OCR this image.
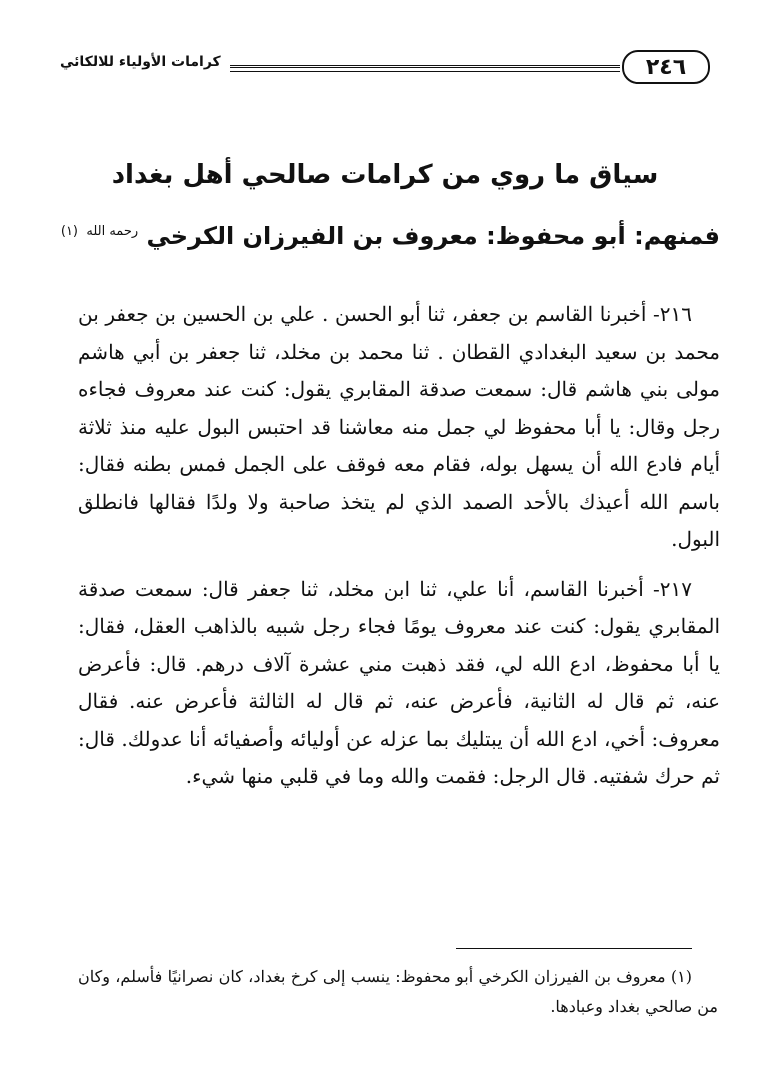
٢٤٦
كرامات الأولياء للالكائي
سياق ما روي من كرامات صالحي أهل بغداد
فمنهم: أبو محفوظ: معروف بن الفيرزان الكرخي $^{رحمه الله}$ $^{(١)}$

٢١٦- أخبرنا القاسم بن جعفر، ثنا أبو الحسن . علي بن الحسين بن جعفر بن محمد بن سعيد البغدادي القطان . ثنا محمد بن مخلد، ثنا جعفر بن أبي هاشم مولى بني هاشم قال: سمعت صدقة المقابري يقول: كنت عند معروف فجاءه رجل وقال: يا أبا محفوظ لي جمل منه معاشنا قد احتبس البول عليه منذ ثلاثة أيام فادع الله أن يسهل بوله، فقام معه فوقف على الجمل فمس بطنه فقال: باسم الله أعيذك بالأحد الصمد الذي لم يتخذ صاحبة ولا ولدًا فقالها فانطلق البول.

٢١٧- أخبرنا القاسم، أنا علي، ثنا ابن مخلد، ثنا جعفر قال: سمعت صدقة المقابري يقول: كنت عند معروف يومًا فجاء رجل شبيه بالذاهب العقل، فقال: يا أبا محفوظ، ادع الله لي، فقد ذهبت مني عشرة آلاف درهم. قال: فأعرض عنه، ثم قال له الثانية، فأعرض عنه، ثم قال له الثالثة فأعرض عنه. فقال معروف: أخي، ادع الله أن يبتليك بما عزله عن أوليائه وأصفيائه أنا عدولك. قال: ثم حرك شفتيه. قال الرجل: فقمت والله وما في قلبي منها شيء.

(١) معروف بن الفيرزان الكرخي أبو محفوظ: ينسب إلى كرخ بغداد، كان نصرانيًا فأسلم، وكان من صالحي بغداد وعبادها.
